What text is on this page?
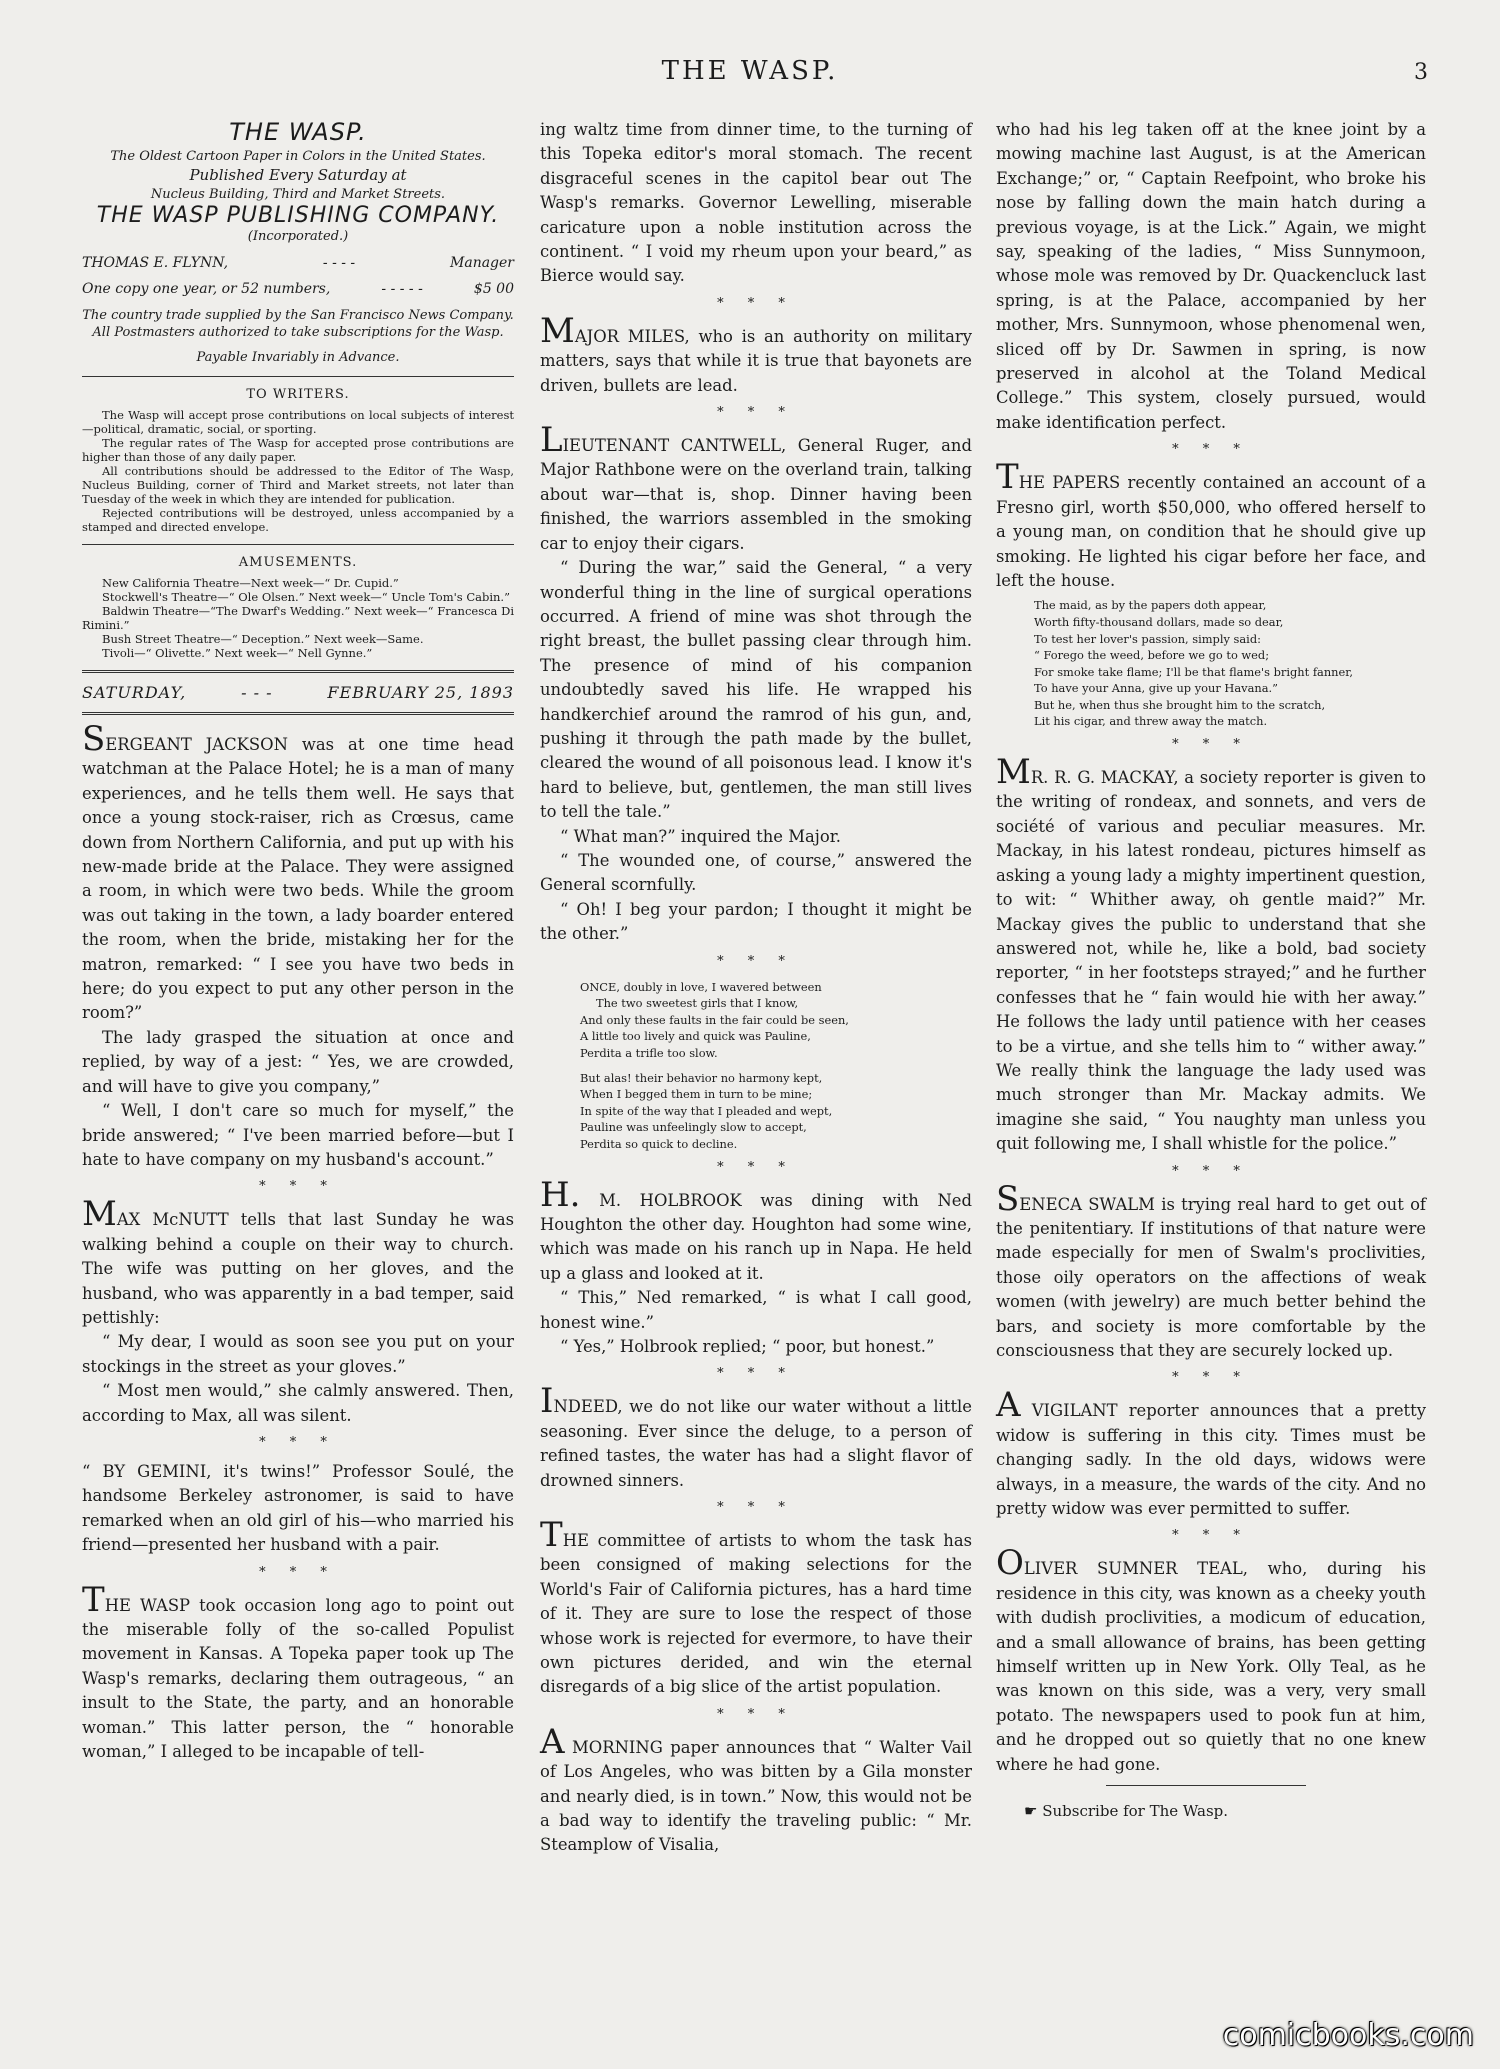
THE WASP.	3
THE WASP.
The Oldest Cartoon Paper in Colors in the United States.
Published Every Saturday at
Nucleus Building, Third and Market Streets.
THE WASP PUBLISHING COMPANY.
(Incorporated.)
THOMAS E. FLYNN,	- - - -	Manager
One copy one year, or 52 numbers,	- - - - -	$5 00
The country trade supplied by the San Francisco News Company. All Postmasters authorized to take subscriptions for the Wasp.
Payable Invariably in Advance.
TO WRITERS.

The Wasp will accept prose contributions on local subjects of interest—political, dramatic, social, or sporting.

The regular rates of The Wasp for accepted prose contributions are higher than those of any daily paper.

All contributions should be addressed to the Editor of The Wasp, Nucleus Building, corner of Third and Market streets, not later than Tuesday of the week in which they are intended for publication.

Rejected contributions will be destroyed, unless accompanied by a stamped and directed envelope.

AMUSEMENTS.

New California Theatre—Next week—“ Dr. Cupid.”

Stockwell's Theatre—“ Ole Olsen.” Next week—“ Uncle Tom's Cabin.”

Baldwin Theatre—“The Dwarf's Wedding.” Next week—“ Francesca Di Rimini.”

Bush Street Theatre—“ Deception.” Next week—Same.

Tivoli—“ Olivette.” Next week—“ Nell Gynne.”

SATURDAY,	- - -	FEBRUARY 25, 1893

SERGEANT JACKSON was at one time head watchman at the Palace Hotel; he is a man of many experiences, and he tells them well. He says that once a young stock-raiser, rich as Crœsus, came down from Northern California, and put up with his new-made bride at the Palace. They were assigned a room, in which were two beds. While the groom was out taking in the town, a lady boarder entered the room, when the bride, mistaking her for the matron, remarked: “ I see you have two beds in here; do you expect to put any other person in the room?”

The lady grasped the situation at once and replied, by way of a jest: “ Yes, we are crowded, and will have to give you company,”

“ Well, I don't care so much for myself,” the bride answered; “ I've been married before—but I hate to have company on my husband's account.”

* * *

MAX McNUTT tells that last Sunday he was walking behind a couple on their way to church. The wife was putting on her gloves, and the husband, who was apparently in a bad temper, said pettishly:

“ My dear, I would as soon see you put on your stockings in the street as your gloves.”

“ Most men would,” she calmly answered. Then, according to Max, all was silent.

* * *

“ BY GEMINI, it's twins!” Professor Soulé, the handsome Berkeley astronomer, is said to have remarked when an old girl of his—who married his friend—presented her husband with a pair.

* * *

THE WASP took occasion long ago to point out the miserable folly of the so-called Populist movement in Kansas. A Topeka paper took up The Wasp's remarks, declaring them outrageous, “ an insult to the State, the party, and an honorable woman.” This latter person, the “ honorable woman,” I alleged to be incapable of tell-

ing waltz time from dinner time, to the turning of this Topeka editor's moral stomach. The recent disgraceful scenes in the capitol bear out The Wasp's remarks. Governor Lewelling, miserable caricature upon a noble institution across the continent. “ I void my rheum upon your beard,” as Bierce would say.

* * *

MAJOR MILES, who is an authority on military matters, says that while it is true that bayonets are driven, bullets are lead.

* * *

LIEUTENANT CANTWELL, General Ruger, and Major Rathbone were on the overland train, talking about war—that is, shop. Dinner having been finished, the warriors assembled in the smoking car to enjoy their cigars.

“ During the war,” said the General, “ a very wonderful thing in the line of surgical operations occurred. A friend of mine was shot through the right breast, the bullet passing clear through him. The presence of mind of his companion undoubtedly saved his life. He wrapped his handkerchief around the ramrod of his gun, and, pushing it through the path made by the bullet, cleared the wound of all poisonous lead. I know it's hard to believe, but, gentlemen, the man still lives to tell the tale.”

“ What man?” inquired the Major.

“ The wounded one, of course,” answered the General scornfully.

“ Oh! I beg your pardon; I thought it might be the other.”

* * *
ONCE, doubly in love, I wavered between
The two sweetest girls that I know,
And only these faults in the fair could be seen,
A little too lively and quick was Pauline,
Perdita a trifle too slow.
But alas! their behavior no harmony kept,
When I begged them in turn to be mine;
In spite of the way that I pleaded and wept,
Pauline was unfeelingly slow to accept,
Perdita so quick to decline.
* * *

H. M. HOLBROOK was dining with Ned Houghton the other day. Houghton had some wine, which was made on his ranch up in Napa. He held up a glass and looked at it.

“ This,” Ned remarked, “ is what I call good, honest wine.”

“ Yes,” Holbrook replied; “ poor, but honest.”

* * *

INDEED, we do not like our water without a little seasoning. Ever since the deluge, to a person of refined tastes, the water has had a slight flavor of drowned sinners.

* * *

THE committee of artists to whom the task has been consigned of making selections for the World's Fair of California pictures, has a hard time of it. They are sure to lose the respect of those whose work is rejected for evermore, to have their own pictures derided, and win the eternal disregards of a big slice of the artist population.

* * *

A MORNING paper announces that “ Walter Vail of Los Angeles, who was bitten by a Gila monster and nearly died, is in town.” Now, this would not be a bad way to identify the traveling public: “ Mr. Steamplow of Visalia,

who had his leg taken off at the knee joint by a mowing machine last August, is at the American Exchange;” or, “ Captain Reefpoint, who broke his nose by falling down the main hatch during a previous voyage, is at the Lick.” Again, we might say, speaking of the ladies, “ Miss Sunnymoon, whose mole was removed by Dr. Quackencluck last spring, is at the Palace, accompanied by her mother, Mrs. Sunnymoon, whose phenomenal wen, sliced off by Dr. Sawmen in spring, is now preserved in alcohol at the Toland Medical College.” This system, closely pursued, would make identification perfect.

* * *

THE PAPERS recently contained an account of a Fresno girl, worth $50,000, who offered herself to a young man, on condition that he should give up smoking. He lighted his cigar before her face, and left the house.

The maid, as by the papers doth appear,
Worth fifty-thousand dollars, made so dear,
To test her lover's passion, simply said:
“ Forego the weed, before we go to wed;
For smoke take flame; I'll be that flame's bright fanner,
To have your Anna, give up your Havana.”
But he, when thus she brought him to the scratch,
Lit his cigar, and threw away the match.
* * *

MR. R. G. MACKAY, a society reporter is given to the writing of rondeax, and sonnets, and vers de société of various and peculiar measures. Mr. Mackay, in his latest rondeau, pictures himself as asking a young lady a mighty impertinent question, to wit: “ Whither away, oh gentle maid?” Mr. Mackay gives the public to understand that she answered not, while he, like a bold, bad society reporter, “ in her footsteps strayed;” and he further confesses that he “ fain would hie with her away.” He follows the lady until patience with her ceases to be a virtue, and she tells him to “ wither away.” We really think the language the lady used was much stronger than Mr. Mackay admits. We imagine she said, “ You naughty man unless you quit following me, I shall whistle for the police.”

* * *

SENECA SWALM is trying real hard to get out of the penitentiary. If institutions of that nature were made especially for men of Swalm's proclivities, those oily operators on the affections of weak women (with jewelry) are much better behind the bars, and society is more comfortable by the consciousness that they are securely locked up.

* * *

A VIGILANT reporter announces that a pretty widow is suffering in this city. Times must be changing sadly. In the old days, widows were always, in a measure, the wards of the city. And no pretty widow was ever permitted to suffer.

* * *

OLIVER SUMNER TEAL, who, during his residence in this city, was known as a cheeky youth with dudish proclivities, a modicum of education, and a small allowance of brains, has been getting himself written up in New York. Olly Teal, as he was known on this side, was a very, very small potato. The newspapers used to pook fun at him, and he dropped out so quietly that no one knew where he had gone.

☛ Subscribe for The Wasp.
comicbooks.com
